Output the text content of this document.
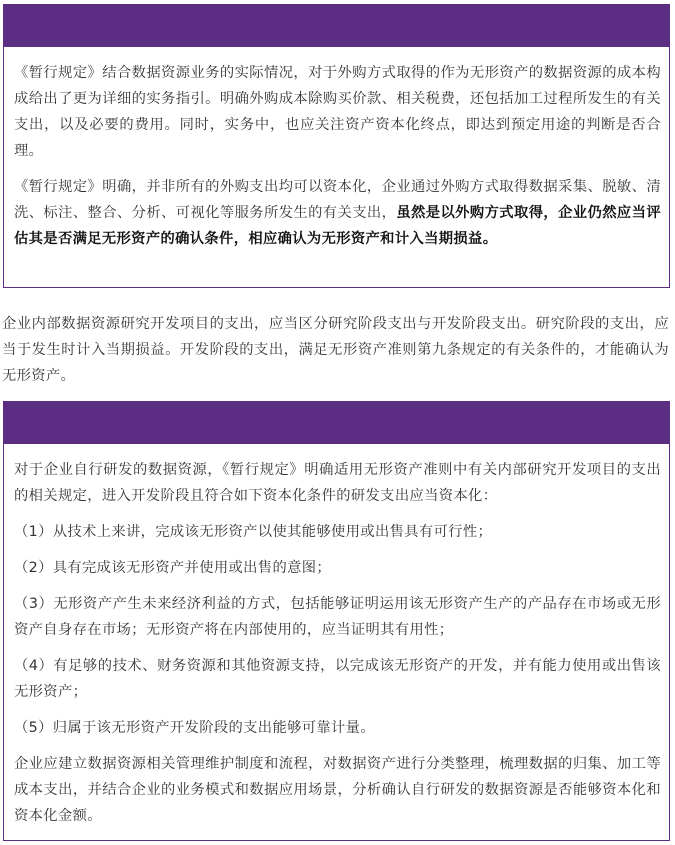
《暂行规定》结合数据资源业务的实际情况，对于外购方式取得的作为无形资产的数据资源的成本构成给出了更为详细的实务指引。明确外购成本除购买价款、相关税费，还包括加工过程所发生的有关支出，以及必要的费用。同时，实务中，也应关注资产资本化终点，即达到预定用途的判断是否合理。

《暂行规定》明确，并非所有的外购支出均可以资本化，企业通过外购方式取得数据采集、脱敏、清洗、标注、整合、分析、可视化等服务所发生的有关支出，虽然是以外购方式取得，企业仍然应当评估其是否满足无形资产的确认条件，相应确认为无形资产和计入当期损益。

企业内部数据资源研究开发项目的支出，应当区分研究阶段支出与开发阶段支出。研究阶段的支出，应当于发生时计入当期损益。开发阶段的支出，满足无形资产准则第九条规定的有关条件的，才能确认为无形资产。

对于企业自行研发的数据资源，《暂行规定》明确适用无形资产准则中有关内部研究开发项目的支出的相关规定，进入开发阶段且符合如下资本化条件的研发支出应当资本化：

（1）从技术上来讲，完成该无形资产以使其能够使用或出售具有可行性；

（2）具有完成该无形资产并使用或出售的意图；

（3）无形资产产生未来经济利益的方式，包括能够证明运用该无形资产生产的产品存在市场或无形资产自身存在市场；无形资产将在内部使用的，应当证明其有用性；

（4）有足够的技术、财务资源和其他资源支持，以完成该无形资产的开发，并有能力使用或出售该无形资产；

（5）归属于该无形资产开发阶段的支出能够可靠计量。

企业应建立数据资源相关管理维护制度和流程，对数据资产进行分类整理，梳理数据的归集、加工等成本支出，并结合企业的业务模式和数据应用场景，分析确认自行研发的数据资源是否能够资本化和资本化金额。
